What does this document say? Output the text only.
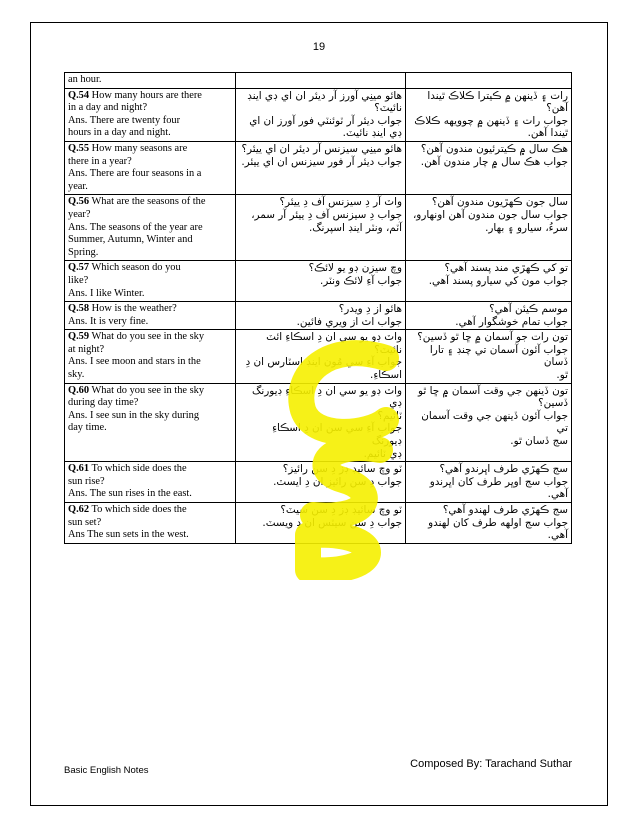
19
an hour.		

Q.54 How many hours are there
in a day and night?
Ans. There are twenty four
hours in a day and night.	هائو مينِي آورز آر ديئر ان اي ڊي اينڊ
نائيٽ؟
جواب ديئر آر ٽوئنٽي فور آورز ان اي
ڊي اينڊ نائيٽ.	رات ۽ ڏينهن ۾ ڪيترا ڪلاڪ ٿيندا
آهن؟
جواب رات ۽ ڏينهن ۾ چوويهه ڪلاڪ
ٿيندا آهن.

Q.55 How many seasons are
there in a year?
Ans. There are four seasons in a
year.	هائو مينِي سيزنس آر ديئر ان اي ييئر؟
جواب ديئر آر فور سيزنس ان اي ييئر.	هڪ سال ۾ ڪيترئيون مندون آهن؟
جواب هڪ سال ۾ چار مندون آهن.

Q.56 What are the seasons of the
year?
Ans. The seasons of the year are
Summer, Autumn, Winter and
Spring.	واٽ آر دِ سيزنس آف دِ ييئر؟
جواب دِ سيزنس آف دِ ييئر آر سمر،
آٽم، ونٽر اينڊ اسپرنگ.	سال جون ڪهڙيون مندون آهن؟
جواب سال جون مندون آهن اونهارو،
سرءُ، سيارو ۽ بهار.

Q.57 Which season do you
like?
Ans. I like Winter.	وچ سيزن ڊو يو لائڪ؟
جواب آءِ لائڪ ونٽر.	تو کي ڪهڙي مند پسند آهي؟
جواب مون کي سيارو پسند آهي.

Q.58 How is the weather?
Ans. It is very fine.	هائو از دِ ويدر؟
جواب اٽ از ويري فائين.	موسم ڪيئن آهي؟
جواب تمام خوشگوار آهي.

Q.59 What do you see in the sky
at night?
Ans. I see moon and stars in the
sky.	واٽ ڊو يو سي ان دِ اسڪاءِ ائٽ نائيٽ؟
جواب آءِ سي مُون اينڊ اسٽارس ان دِ
اسڪاءِ.	تون رات جو آسمان ۾ ڇا ٿو ڏسين؟
جواب آئون آسمان تي چنڊ ۽ تارا ڏسان
ٿو.

Q.60 What do you see in the sky
during day time?
Ans. I see sun in the sky during
day time.	واٽ ڊو يو سي ان دِ اسڪاءِ ڊيورنگ ڊي
ٽائيم؟
جواب آءِ سي سن ان دِ اسڪاءِ ڊيورنگ
ڊي ٽائيم.	تون ڏينهن جي وقت آسمان ۾ ڇا ٿو
ڏسين؟
جواب آئون ڏينهن جي وقت آسمان تي
سج ڏسان ٿو.

Q.61 To which side does the
sun rise?
Ans. The sun rises in the east.	ٽو وچ سائيڊ ڊز دِ سن رائيز؟
جواب دِ سن رائيز ان دِ ايسٽ.	سج ڪهڙي طرف اڀرندو آهي؟
جواب سج اوڀر طرف کان اڀرندو آهي.

Q.62 To which side does the
sun set?
Ans The sun sets in the west.	ٽو وچ سائيڊ ڊز دِ سن سيٽ؟
جواب دِ سن سيٽس ان دِ ويسٽ.	سج ڪهڙي طرف لهندو آهي؟
جواب سج اولهه طرف کان لهندو آهي.
Basic English Notes
Composed By: Tarachand Suthar
